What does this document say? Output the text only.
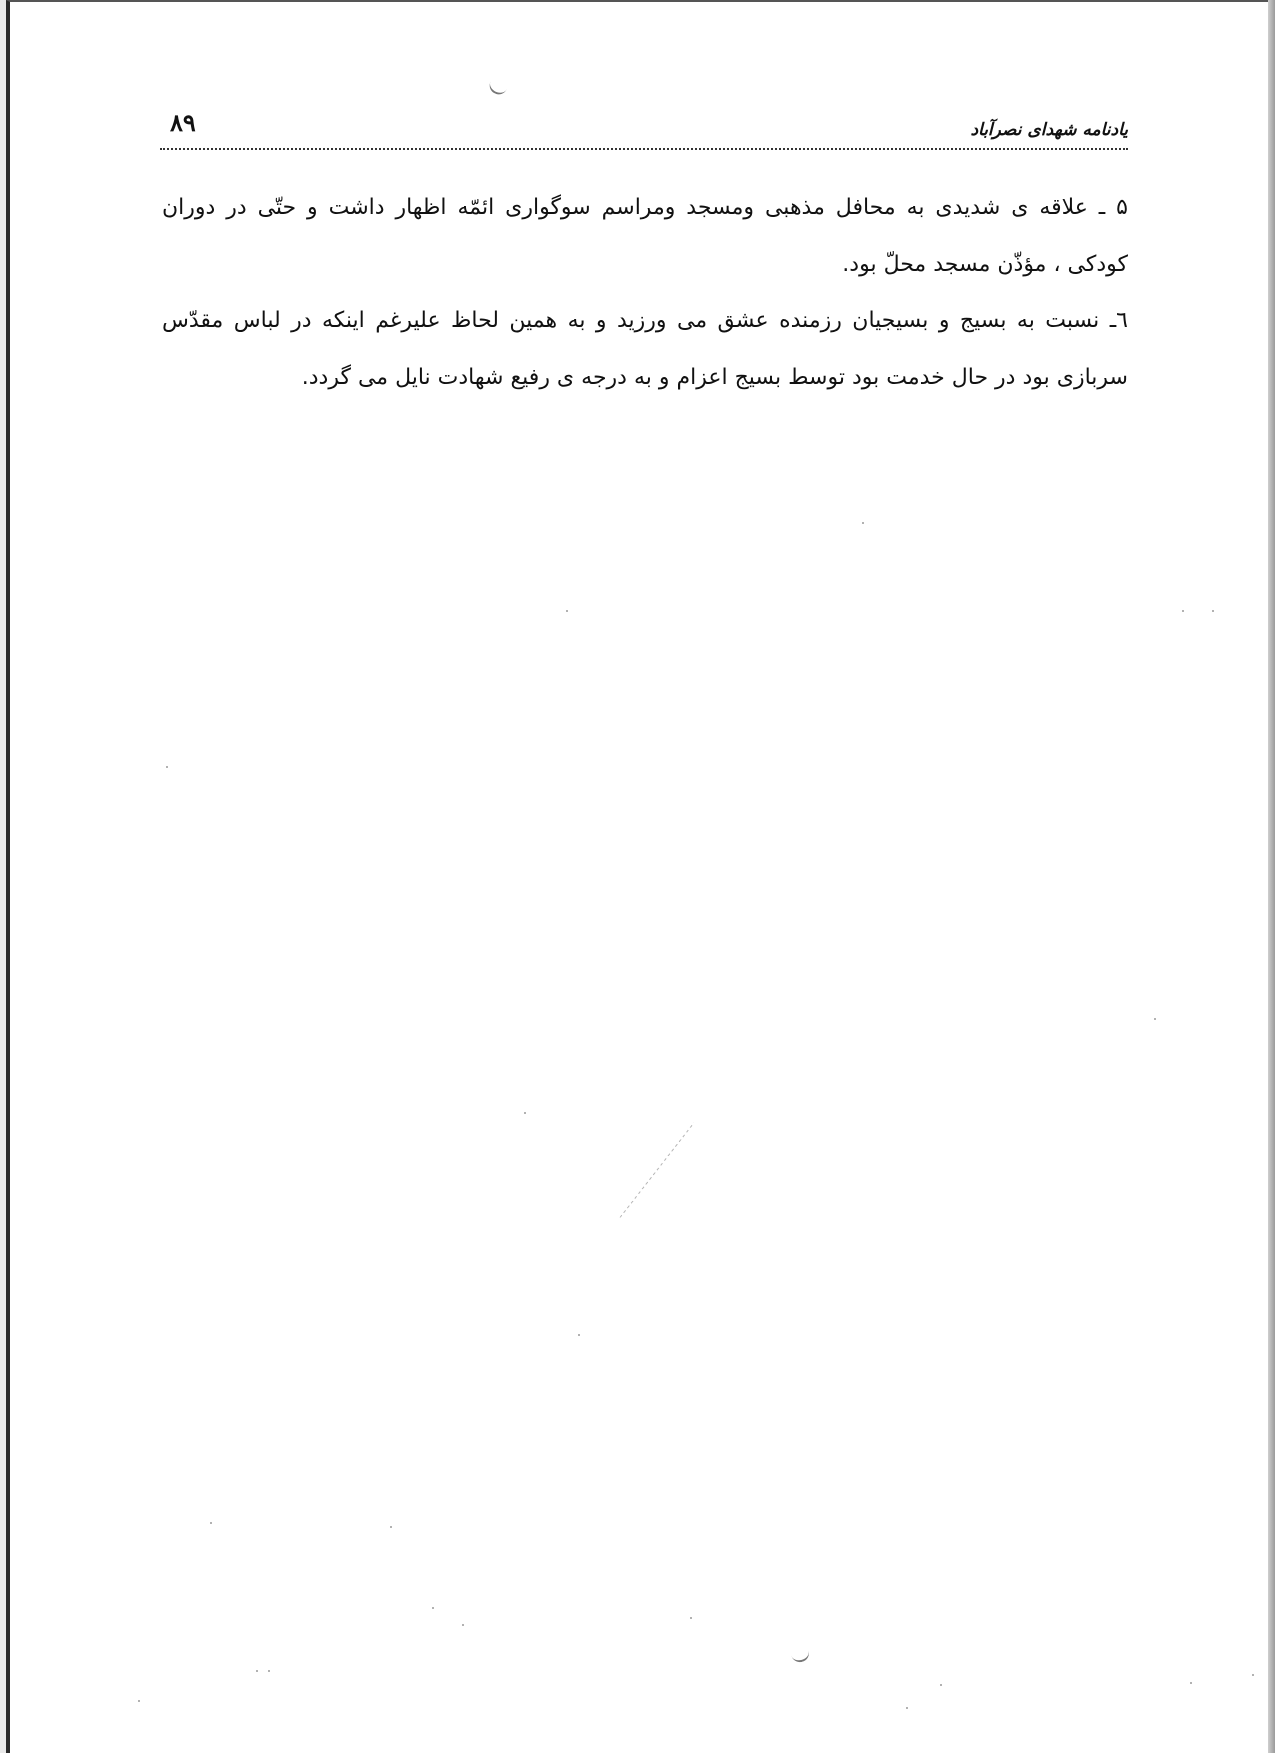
۸۹	یادنامه شهدای نصرآباد

۵ ـ علاقه ی شدیدی به محافل مذهبی ومسجد ومراسم سوگواری ائمّه اظهار داشت و حتّی در دوران کودکی ، مؤذّن مسجد محلّ بود.

٦ـ نسبت به بسیج و بسیجیان رزمنده عشق می ورزید و به همین لحاظ علیرغم اینکه در لباس مقدّس سربازی بود در حال خدمت بود توسط بسیج اعزام و به درجه ی رفیع شهادت نایل می گردد.
